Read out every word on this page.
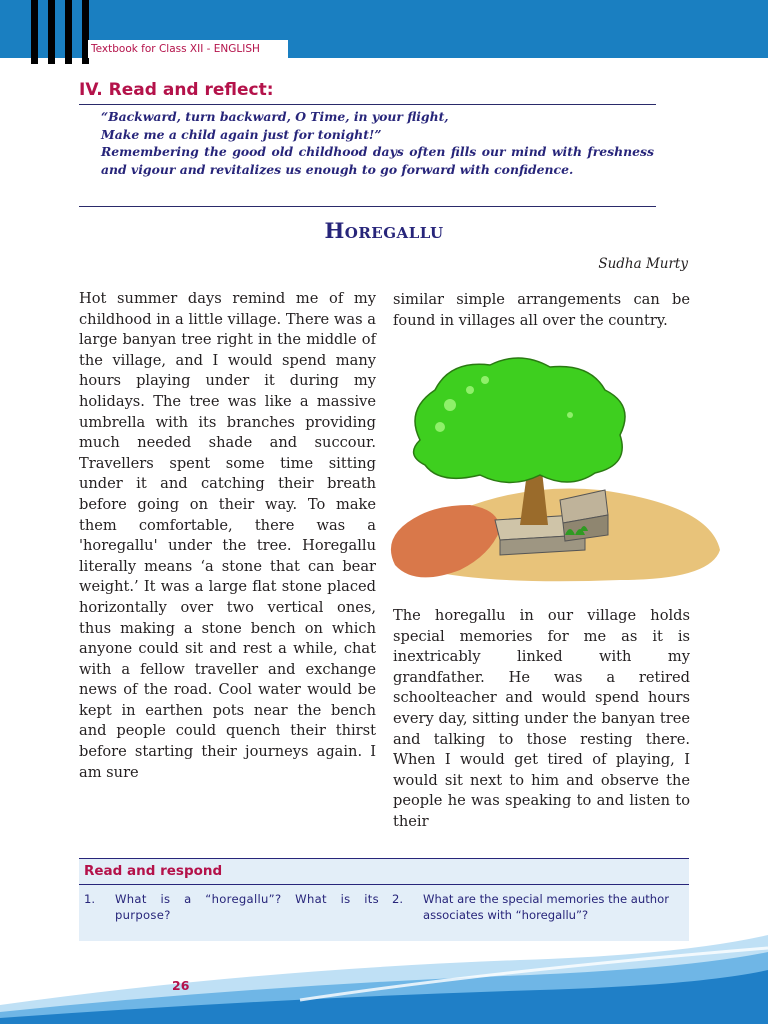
Textbook for Class XII - ENGLISH
IV. Read and reflect:
“Backward, turn backward, O Time, in your flight,
Make me a child again just for tonight!”
Remembering the good old childhood days often fills our mind with freshness and vigour and revitalizes us enough to go forward with confidence.
Horegallu

Sudha Murty

Hot summer days remind me of my childhood in a little village. There was a large banyan tree right in the middle of the village, and I would spend many hours playing under it during my holidays. The tree was like a massive umbrella with its branches providing much needed shade and succour. Travellers spent some time sitting under it and catching their breath before going on their way. To make them comfortable, there was a 'horegallu' under the tree. Horegallu literally means ‘a stone that can bear weight.’ It was a large flat stone placed horizontally over two vertical ones, thus making a stone bench on which anyone could sit and rest a while, chat with a fellow traveller and exchange news of the road. Cool water would be kept in earthen pots near the bench and people could quench their thirst before starting their journeys again. I am sure

similar simple arrangements can be found in villages all over the country.

The horegallu in our village holds special memories for me as it is inextricably linked with my grandfather. He was a retired schoolteacher and would spend hours every day, sitting under the banyan tree and talking to those resting there. When I would get tired of playing, I would sit next to him and observe the people he was speaking to and listen to their

Read and respond
1. What is a “horegallu”? What is its purpose?
2. What are the special memories the author associates with “horegallu”?

26
